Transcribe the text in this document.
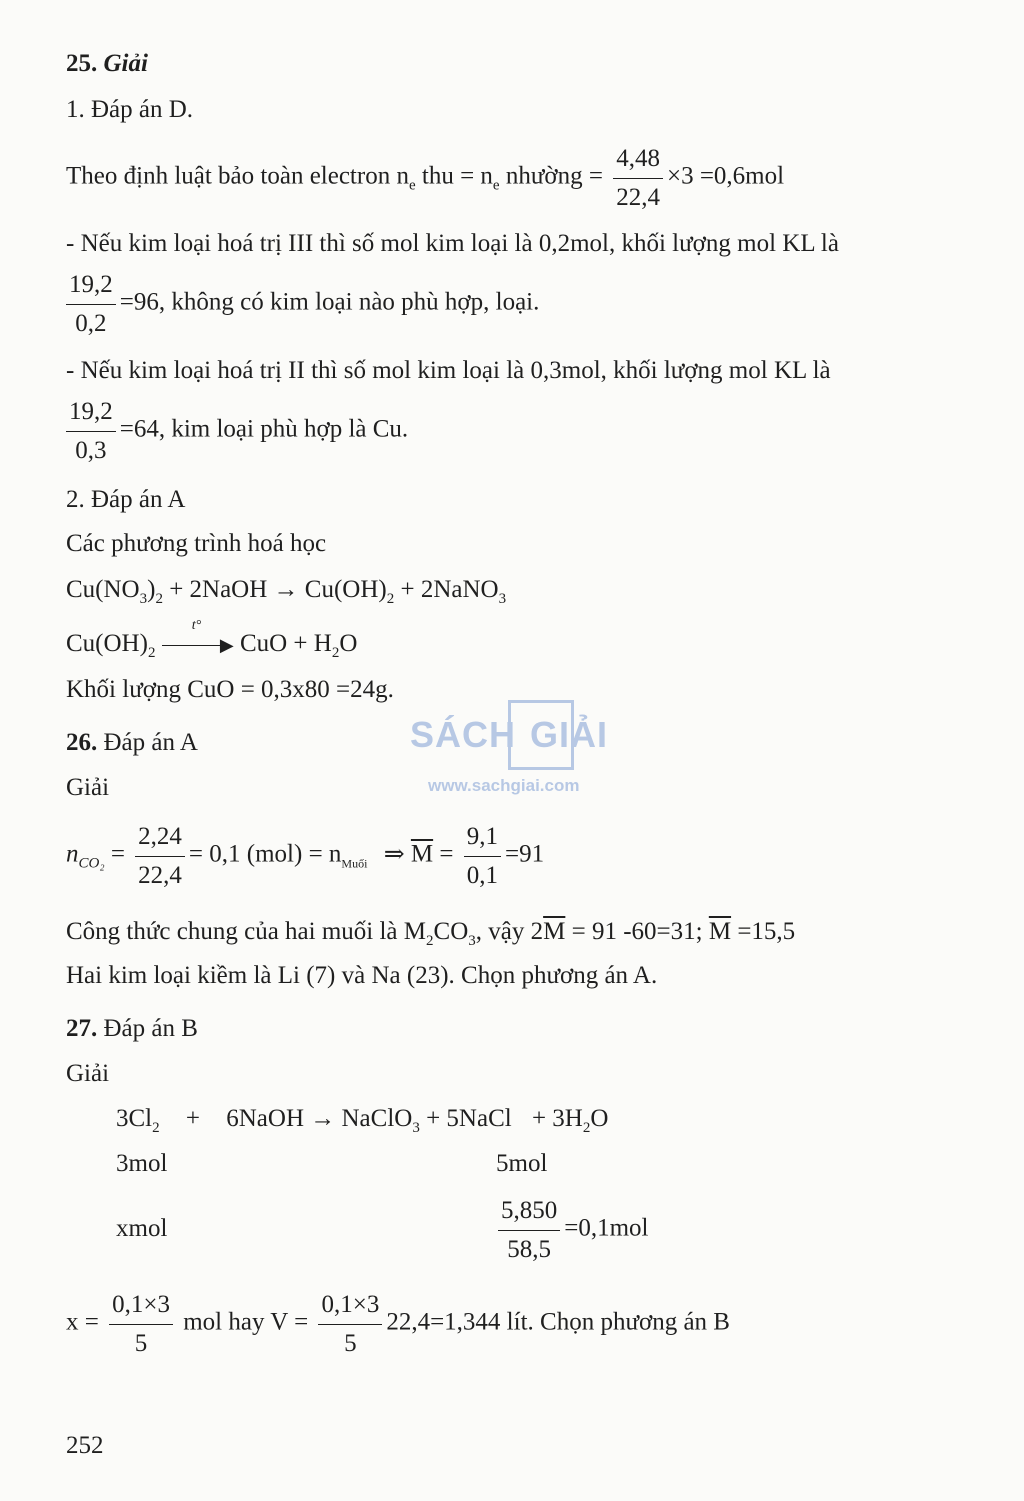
25. Giải
1. Đáp án D.
Theo định luật bảo toàn electron $n_e$ thu = $n_e$ nhường = $\frac{4,48}{22,4} \times 3 =0,6mol$
- Nếu kim loại hoá trị III thì số mol kim loại là 0,2mol, khối lượng mol KL là
$\frac{19,2}{0,2} =96$, không có kim loại nào phù hợp, loại.
- Nếu kim loại hoá trị II thì số mol kim loại là 0,3mol, khối lượng mol KL là
$\frac{19,2}{0,3} =64$, kim loại phù hợp là Cu.
2. Đáp án A
Các phương trình hoá học
$Cu(NO_3)_2$ + 2NaOH → $Cu(OH)_2$ + 2NaNO$_3$
$Cu(OH)_2$
t°
▶ CuO + $H_2O$
Khối lượng CuO = 0,3x80 =24g.
SÁCH GIẢI
www.sachgiai.com
26. Đáp án A
Giải
$n_{CO_2} = \frac{2,24}{22,4} = 0,1$ $(mol) = n_{Muối}$ ⇒ $\overline{M} = \frac{9,1}{0,1} =91$
Công thức chung của hai muối là $M_2CO_3$, vậy $2\overline{M} = 91$ -60=31; $\overline{M} =15,5$
Hai kim loại kiềm là Li (7) và Na (23). Chọn phương án A.
27. Đáp án B
Giải
$3Cl_2$ + 6NaOH → NaClO$_3$ + 5NaCl + $3H_2O$
3mol	5mol
xmol	$\frac{5,850}{58,5} =0,1mol$
$x = \frac{0,1\times 3}{5}$ mol hay $V = \frac{0,1\times 3}{5} 22,4=1,344$ lít. Chọn phương án B
252
